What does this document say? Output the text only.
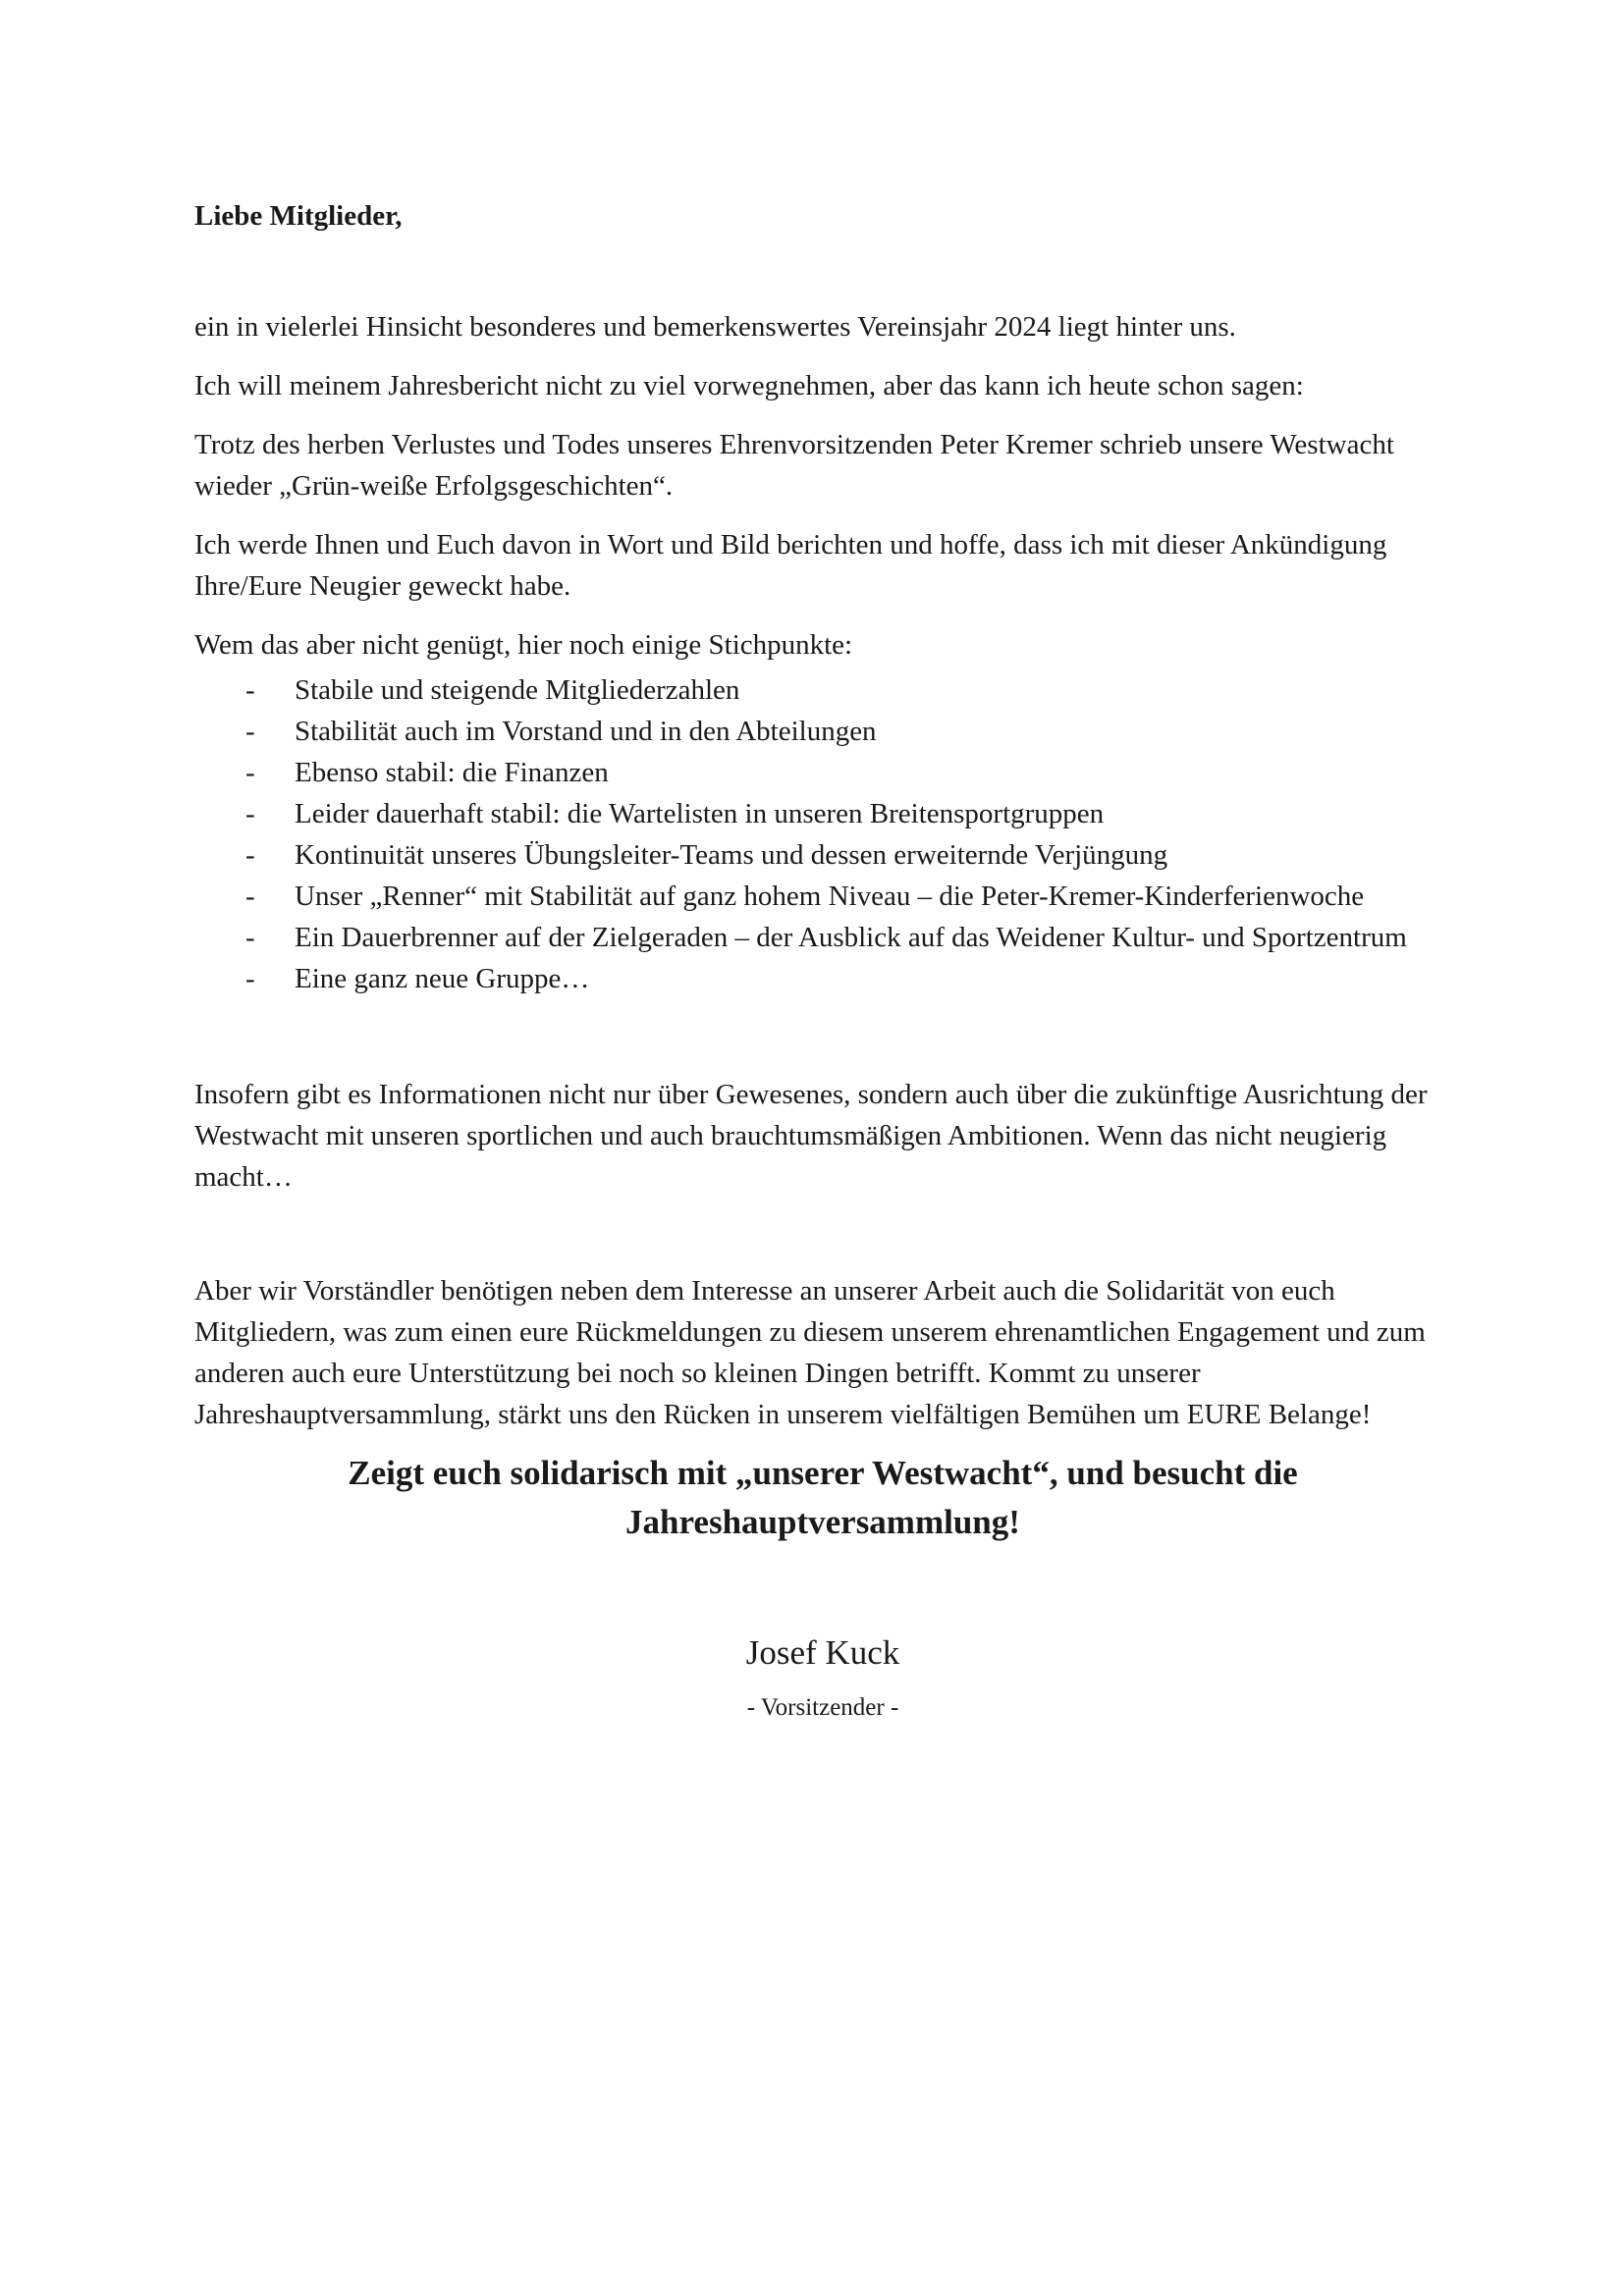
Liebe Mitglieder,

ein in vielerlei Hinsicht besonderes und bemerkenswertes Vereinsjahr 2024 liegt hinter uns.

Ich will meinem Jahresbericht nicht zu viel vorwegnehmen, aber das kann ich heute schon sagen:

Trotz des herben Verlustes und Todes unseres Ehrenvorsitzenden Peter Kremer schrieb unsere Westwacht wieder „Grün-weiße Erfolgsgeschichten“.

Ich werde Ihnen und Euch davon in Wort und Bild berichten und hoffe, dass ich mit dieser Ankündigung Ihre/Eure Neugier geweckt habe.

Wem das aber nicht genügt, hier noch einige Stichpunkte:

- Stabile und steigende Mitgliederzahlen
- Stabilität auch im Vorstand und in den Abteilungen
- Ebenso stabil: die Finanzen
- Leider dauerhaft stabil: die Wartelisten in unseren Breitensportgruppen
- Kontinuität unseres Übungsleiter-Teams und dessen erweiternde Verjüngung
- Unser „Renner“ mit Stabilität auf ganz hohem Niveau – die Peter-Kremer-Kinderferienwoche
- Ein Dauerbrenner auf der Zielgeraden – der Ausblick auf das Weidener Kultur- und Sportzentrum
- Eine ganz neue Gruppe…

Insofern gibt es Informationen nicht nur über Gewesenes, sondern auch über die zukünftige Ausrichtung der Westwacht mit unseren sportlichen und auch brauchtumsmäßigen Ambitionen. Wenn das nicht neugierig macht…

Aber wir Vorständler benötigen neben dem Interesse an unserer Arbeit auch die Solidarität von euch Mitgliedern, was zum einen eure Rückmeldungen zu diesem unserem ehrenamtlichen Engagement und zum anderen auch eure Unterstützung bei noch so kleinen Dingen betrifft. Kommt zu unserer Jahreshauptversammlung, stärkt uns den Rücken in unserem vielfältigen Bemühen um EURE Belange!

Zeigt euch solidarisch mit „unserer Westwacht“, und besucht die Jahreshauptversammlung!
Josef Kuck
- Vorsitzender -
